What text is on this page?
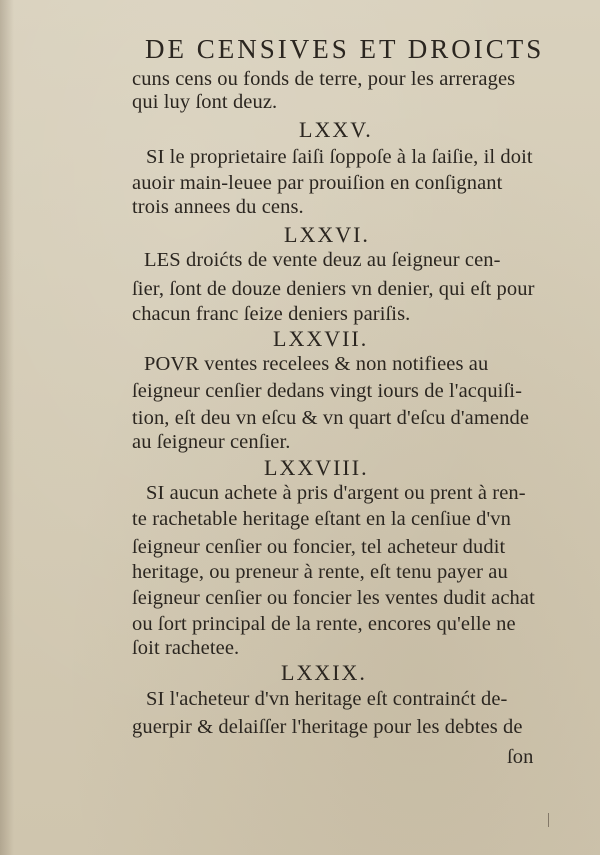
DE CENSIVES ET DROICTS
cuns cens ou fonds de terre, pour les arrerages
qui luy ſont deuz.
LXXV.
SI le proprietaire ſaiſi ſoppoſe à la ſaiſie, il doit
auoir main-leuee par prouiſion en conſignant
trois annees du cens.
LXXVI.
LES droićts de vente deuz au ſeigneur cen-
ſier, ſont de douze deniers vn denier, qui eſt pour
chacun franc ſeize deniers pariſis.
LXXVII.
POVR ventes recelees & non notifiees au
ſeigneur cenſier dedans vingt iours de l'acquiſi-
tion, eſt deu vn eſcu & vn quart d'eſcu d'amende
au ſeigneur cenſier.
LXXVIII.
SI aucun achete à pris d'argent ou prent à ren-
te rachetable heritage eſtant en la cenſiue d'vn
ſeigneur cenſier ou foncier, tel acheteur dudit
heritage, ou preneur à rente, eſt tenu payer au
ſeigneur cenſier ou foncier les ventes dudit achat
ou ſort principal de la rente, encores qu'elle ne
ſoit rachetee.
LXXIX.
SI l'acheteur d'vn heritage eſt contrainćt de-
guerpir & delaiſſer l'heritage pour les debtes de
ſon
